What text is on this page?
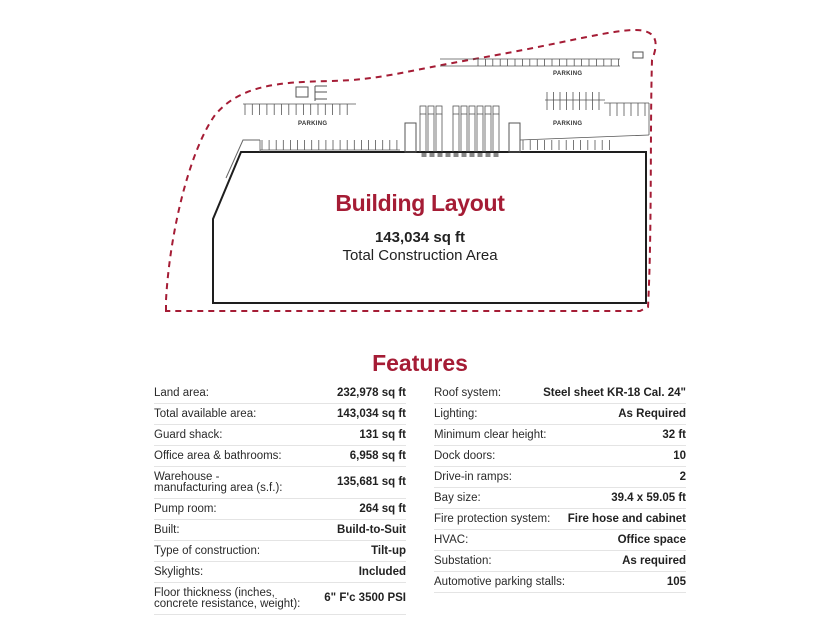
PARKING
PARKING
PARKING
Building Layout
143,034 sq ft
Total Construction Area
Features
Land area:	232,978 sq ft
Total available area:	143,034 sq ft
Guard shack:	131 sq ft
Office area & bathrooms:	6,958 sq ft
Warehouse -
manufacturing area (s.f.):	135,681 sq ft
Pump room:	264 sq ft
Built:	Build-to-Suit
Type of construction:	Tilt-up
Skylights:	Included
Floor thickness (inches,
concrete resistance, weight): 6" F'c 3500 PSI
Roof system:	Steel sheet KR-18 Cal. 24"
Lighting:	As Required
Minimum clear height:	32 ft
Dock doors:	10
Drive-in ramps:	2
Bay size:	39.4 x 59.05 ft
Fire protection system: Fire hose and cabinet
HVAC:	Office space
Substation:	As required
Automotive parking stalls:	105
